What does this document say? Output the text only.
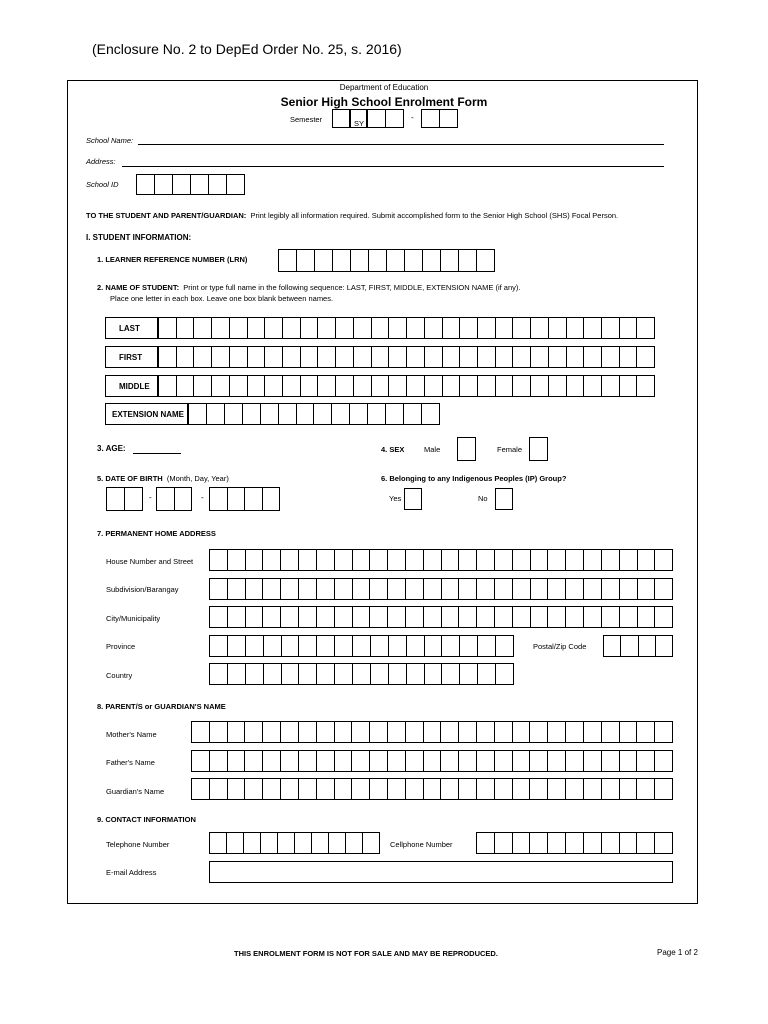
(Enclosure No. 2 to DepEd Order No. 25, s. 2016)
Department of Education
Senior High School Enrolment Form
Semester	SY
-
School Name:
Address:
School ID
TO THE STUDENT AND PARENT/GUARDIAN: Print legibly all information required. Submit accomplished form to the Senior High School (SHS) Focal Person.
I. STUDENT INFORMATION:
1. LEARNER REFERENCE NUMBER (LRN)
2. NAME OF STUDENT: Print or type full name in the following sequence: LAST, FIRST, MIDDLE, EXTENSION NAME (if any).
Place one letter in each box. Leave one box blank between names.
LAST
FIRST
MIDDLE
EXTENSION NAME
3. AGE:	4. SEX	Male	Female
5. DATE OF BIRTH (Month, Day, Year)
-	-
6. Belonging to any Indigenous Peoples (IP) Group?
Yes	No
7. PERMANENT HOME ADDRESS
House Number and Street
Subdivision/Barangay
City/Municipality
Province	Postal/Zip Code
Country
8. PARENT/S or GUARDIAN'S NAME
Mother's Name
Father's Name
Guardian's Name
9. CONTACT INFORMATION
Telephone Number	Cellphone Number
E-mail Address
THIS ENROLMENT FORM IS NOT FOR SALE AND MAY BE REPRODUCED.	Page 1 of 2
